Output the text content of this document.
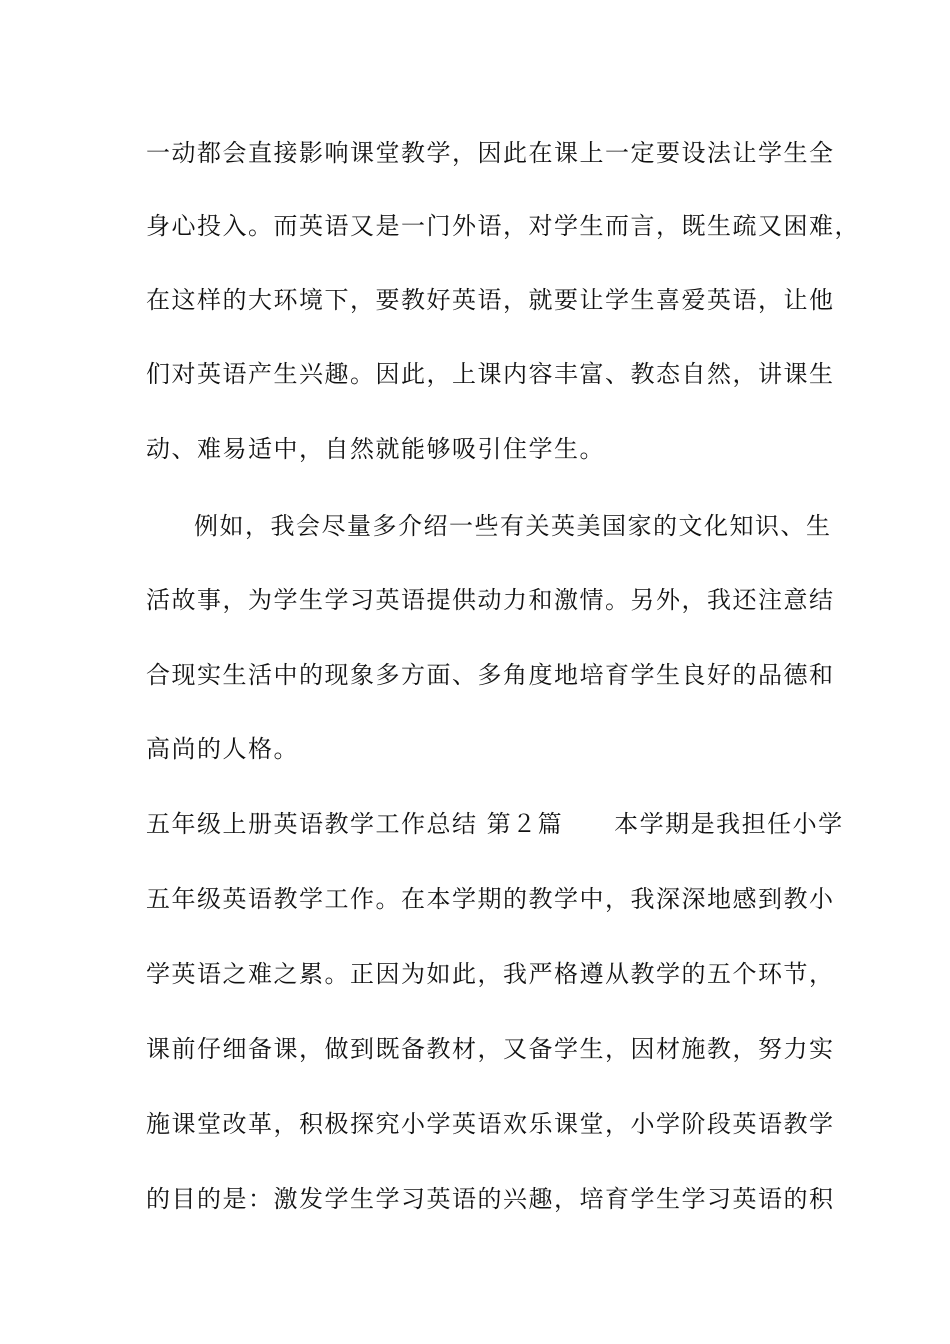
一动都会直接影响课堂教学，因此在课上一定要设法让学生全
身心投入。而英语又是一门外语，对学生而言，既生疏又困难，
在这样的大环境下，要教好英语，就要让学生喜爱英语，让他
们对英语产生兴趣。因此，上课内容丰富、教态自然，讲课生
动、难易适中，自然就能够吸引住学生。
例如，我会尽量多介绍一些有关英美国家的文化知识、生
活故事，为学生学习英语提供动力和激情。另外，我还注意结
合现实生活中的现象多方面、多角度地培育学生良好的品德和
高尚的人格。
五年级上册英语教学工作总结 第２篇　　本学期是我担任小学
五年级英语教学工作。在本学期的教学中，我深深地感到教小
学英语之难之累。正因为如此，我严格遵从教学的五个环节，
课前仔细备课，做到既备教材，又备学生，因材施教，努力实
施课堂改革，积极探究小学英语欢乐课堂，小学阶段英语教学
的目的是：激发学生学习英语的兴趣，培育学生学习英语的积
